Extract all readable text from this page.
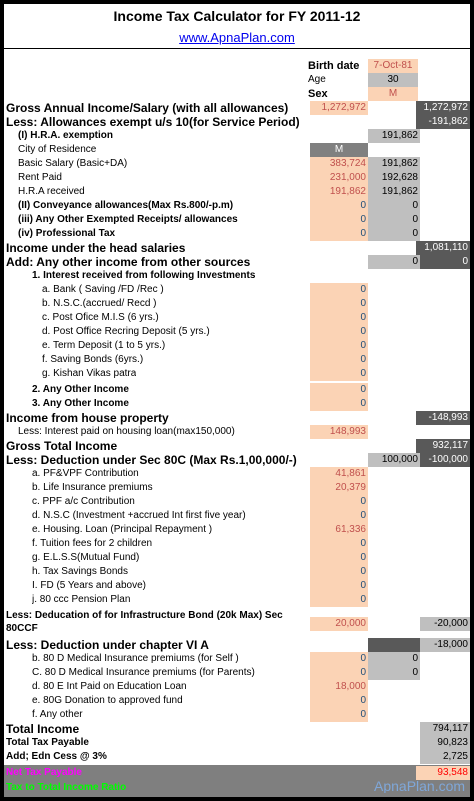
Income Tax Calculator for FY 2011-12
www.ApnaPlan.com
Birth date	7-Oct-81
Age	30
Sex	M
Gross Annual Income/Salary (with all allowances)	1,272,972	1,272,972
Less: Allowances exempt u/s 10(for Service Period)	-191,862
(I) H.R.A. exemption	191,862
City of Residence	M
Basic Salary (Basic+DA)	383,724	191,862
Rent Paid	231,000	192,628
H.R.A received	191,862	191,862
(II) Conveyance allowances(Max Rs.800/-p.m)	0	0
(iii) Any Other Exempted Receipts/ allowances	0	0
(iv) Professional Tax	0	0
Income under the head salaries	1,081,110
Add: Any other income from other sources	0	0
1. Interest received from following Investments
a. Bank ( Saving /FD /Rec )	0
b. N.S.C.(accrued/ Recd )	0
c. Post Ofice M.I.S (6 yrs.)	0
d. Post Office Recring Deposit (5 yrs.)	0
e. Term Deposit (1 to 5 yrs.)	0
f. Saving Bonds (6yrs.)	0
g. Kishan Vikas patra	0
2. Any Other Income	0
3. Any Other Income	0
Income from house property	-148,993
Less: Interest paid on housing loan(max150,000)	148,993
Gross Total Income	932,117
Less: Deduction under Sec 80C (Max Rs.1,00,000/-)	100,000	-100,000
a. PF&VPF Contribution	41,861
b. Life Insurance premiums	20,379
c. PPF a/c Contribution	0
d. N.S.C (Investment +accrued Int first five year)	0
e. Housing. Loan (Principal Repayment )	61,336
f. Tuition fees for 2 children	0
g. E.L.S.S(Mutual Fund)	0
h. Tax Savings Bonds	0
I. FD (5 Years and above)	0
j. 80 ccc Pension Plan	0
Less: Deducation of for Infrastructure Bond (20k Max) Sec
80CCF	20,000	-20,000
Less: Deduction under chapter VI A	-18,000
b. 80 D Medical Insurance premiums (for Self )	0	0
C. 80 D Medical Insurance premiums (for Parents)	0	0
d. 80 E Int Paid on Education Loan	18,000
e. 80G Donation to approved fund	0
f. Any other	0
Total Income	794,117
Total Tax Payable	90,823
Add; Edn Cess @ 3%	2,725
Net Tax Payable	93,548
Tax to Total Income Ratio	ApnaPlan.com
